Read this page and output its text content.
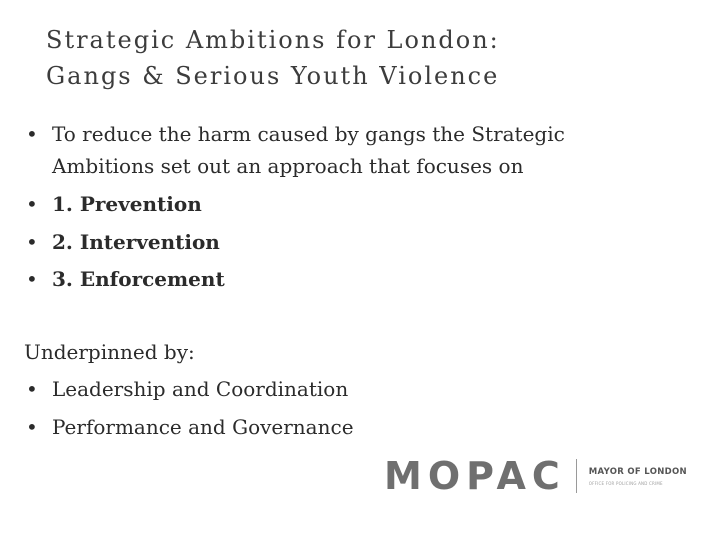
Strategic Ambitions for London:
Gangs & Serious Youth Violence
• To reduce the harm caused by gangs the Strategic Ambitions set out an approach that focuses on
• 1. Prevention
• 2. Intervention
• 3. Enforcement

Underpinned by:

• Leadership and Coordination
• Performance and Governance
MOPAC	MAYOR OF LONDON
OFFICE FOR POLICING AND CRIME
